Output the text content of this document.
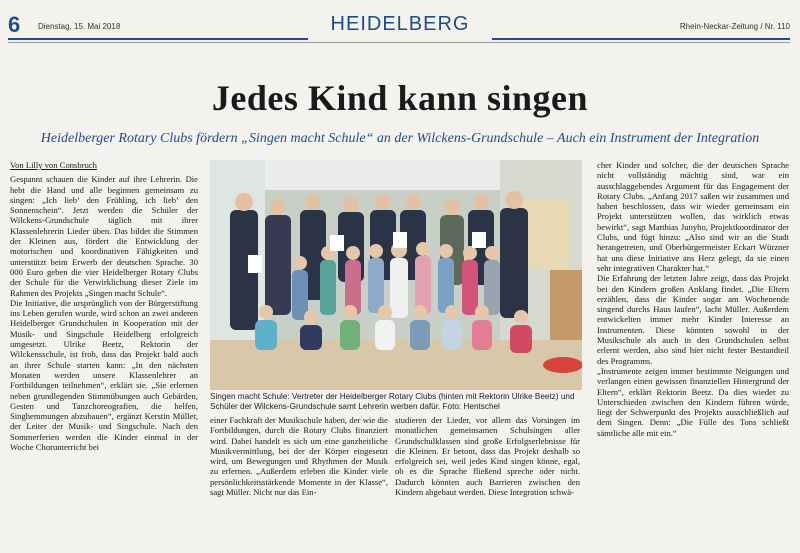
6 Dienstag, 15. Mai 2018	HEIDELBERG	Rhein-Neckar-Zeitung / Nr. 110
Jedes Kind kann singen
Heidelberger Rotary Clubs fördern „Singen macht Schule“ an der Wilckens-Grundschule – Auch ein Instrument der Integration
Von Lilly von Consbruch

Gespannt schauen die Kinder auf ihre Lehrerin. Die hebt die Hand und alle beginnen gemeinsam zu singen: „Ich lieb’ den Frühling, ich lieb’ den Sonnenschein“. Jetzt werden die Schüler der Wilckens-Grundschule täglich mit ihrer Klassenlehrerin Lieder üben. Das bildet die Stimmen der Kleinen aus, fördert die Entwicklung der motorischen und koordinativen Fähigkeiten und unterstützt beim Erwerb der deutschen Sprache. 30 000 Euro geben die vier Heidelberger Rotary Clubs der Schule für die Verwirklichung dieser Ziele im Rahmen des Projekts „Singen macht Schule“.

Die Initiative, die ursprünglich von der Bürgerstiftung ins Leben gerufen wurde, wird schon an zwei anderen Heidelberger Grundschulen in Kooperation mit der Musik- und Singschule Heidelberg erfolgreich umgesetzt. Ulrike Beetz, Rektorin der Wilckensschule, ist froh, dass das Projekt bald auch an ihrer Schule starten kann: „In den nächsten Monaten werden unsere Klassenlehrer an Fortbildungen teilnehmen“, erklärt sie. „Sie erlernen neben grundlegenden Stimmübungen auch Gebärden, Gesten und Tanzchoreografien, die helfen, Singhemmungen abzubauen“, ergänzt Kerstin Müller, der Leiter der Musik- und Singschule. Nach den Sommerferien werden die Kinder einmal in der Woche Chorunterricht bei

Singen macht Schule: Vertreter der Heidelberger Rotary Clubs (hinten mit Rektorin Ulrike Beetz) und Schüler der Wilckens-Grundschule samt Lehrerin werben dafür. Foto: Hentschel

einer Fachkraft der Musikschule haben, der wie die Fortbildungen, durch die Rotary Clubs finanziert wird. Dabei handelt es sich um eine ganzheitliche Musikvermittlung, bei der der Körper eingesetzt wird, um Bewegungen und Rhythmen der Musik zu erlernen. „Außerdem erleben die Kinder viele persönlichkeitsstärkende Momente in der Klasse“, sagt Müller. Nicht nur das Ein-

studieren der Lieder, vor allem das Vorsingen im monatlichen gemeinsamen Schulsingen aller Grundschulklassen sind große Erfolgserlebnisse für die Kleinen. Er betont, dass das Projekt deshalb so erfolgreich sei, weil jedes Kind singen könne, egal, ob es die Sprache fließend spreche oder nicht. Dadurch könnten auch Barrieren zwischen den Kindern abgebaut werden. Diese Integration schwä-

cher Kinder und solcher, die der deutschen Sprache nicht vollständig mächtig sind, war ein ausschlaggebendes Argument für das Engagement der Rotary Clubs. „Anfang 2017 saßen wir zusammen und haben beschlossen, dass wir wieder gemeinsam ein Projekt unterstützen wollen, das wirklich etwas bewirkt“, sagt Matthias Junyho, Projektkoordinator der Clubs, und fügt hinzu: „Also sind wir an die Stadt herangetreten, und Oberbürgermeister Eckart Würzner hat uns diese Initiative ans Herz gelegt, da sie einen sehr integrativen Charakter hat.“

Die Erfahrung der letzten Jahre zeigt, dass das Projekt bei den Kindern großen Anklang findet. „Die Eltern erzählen, dass die Kinder sogar am Wochenende singend durchs Haus laufen“, lacht Müller. Außerdem entwickelten immer mehr Kinder Interesse an Instrumenten. Diese könnten sowohl in der Musikschule als auch in den Grundschulen selbst erlernt werden, also sind hier nicht fester Bestandteil des Programms.

„Instrumente zeigen immer bestimmte Neigungen und verlangen einen gewissen finanziellen Hintergrund der Eltern“, erklärt Rektorin Beetz. Da dies wieder zu Unterschieden zwischen den Kindern führen würde, liegt der Schwerpunkt des Projekts ausschließlich auf dem Singen. Denn: „Die Fülle des Tons schließt sämtliche alle mit ein.“
